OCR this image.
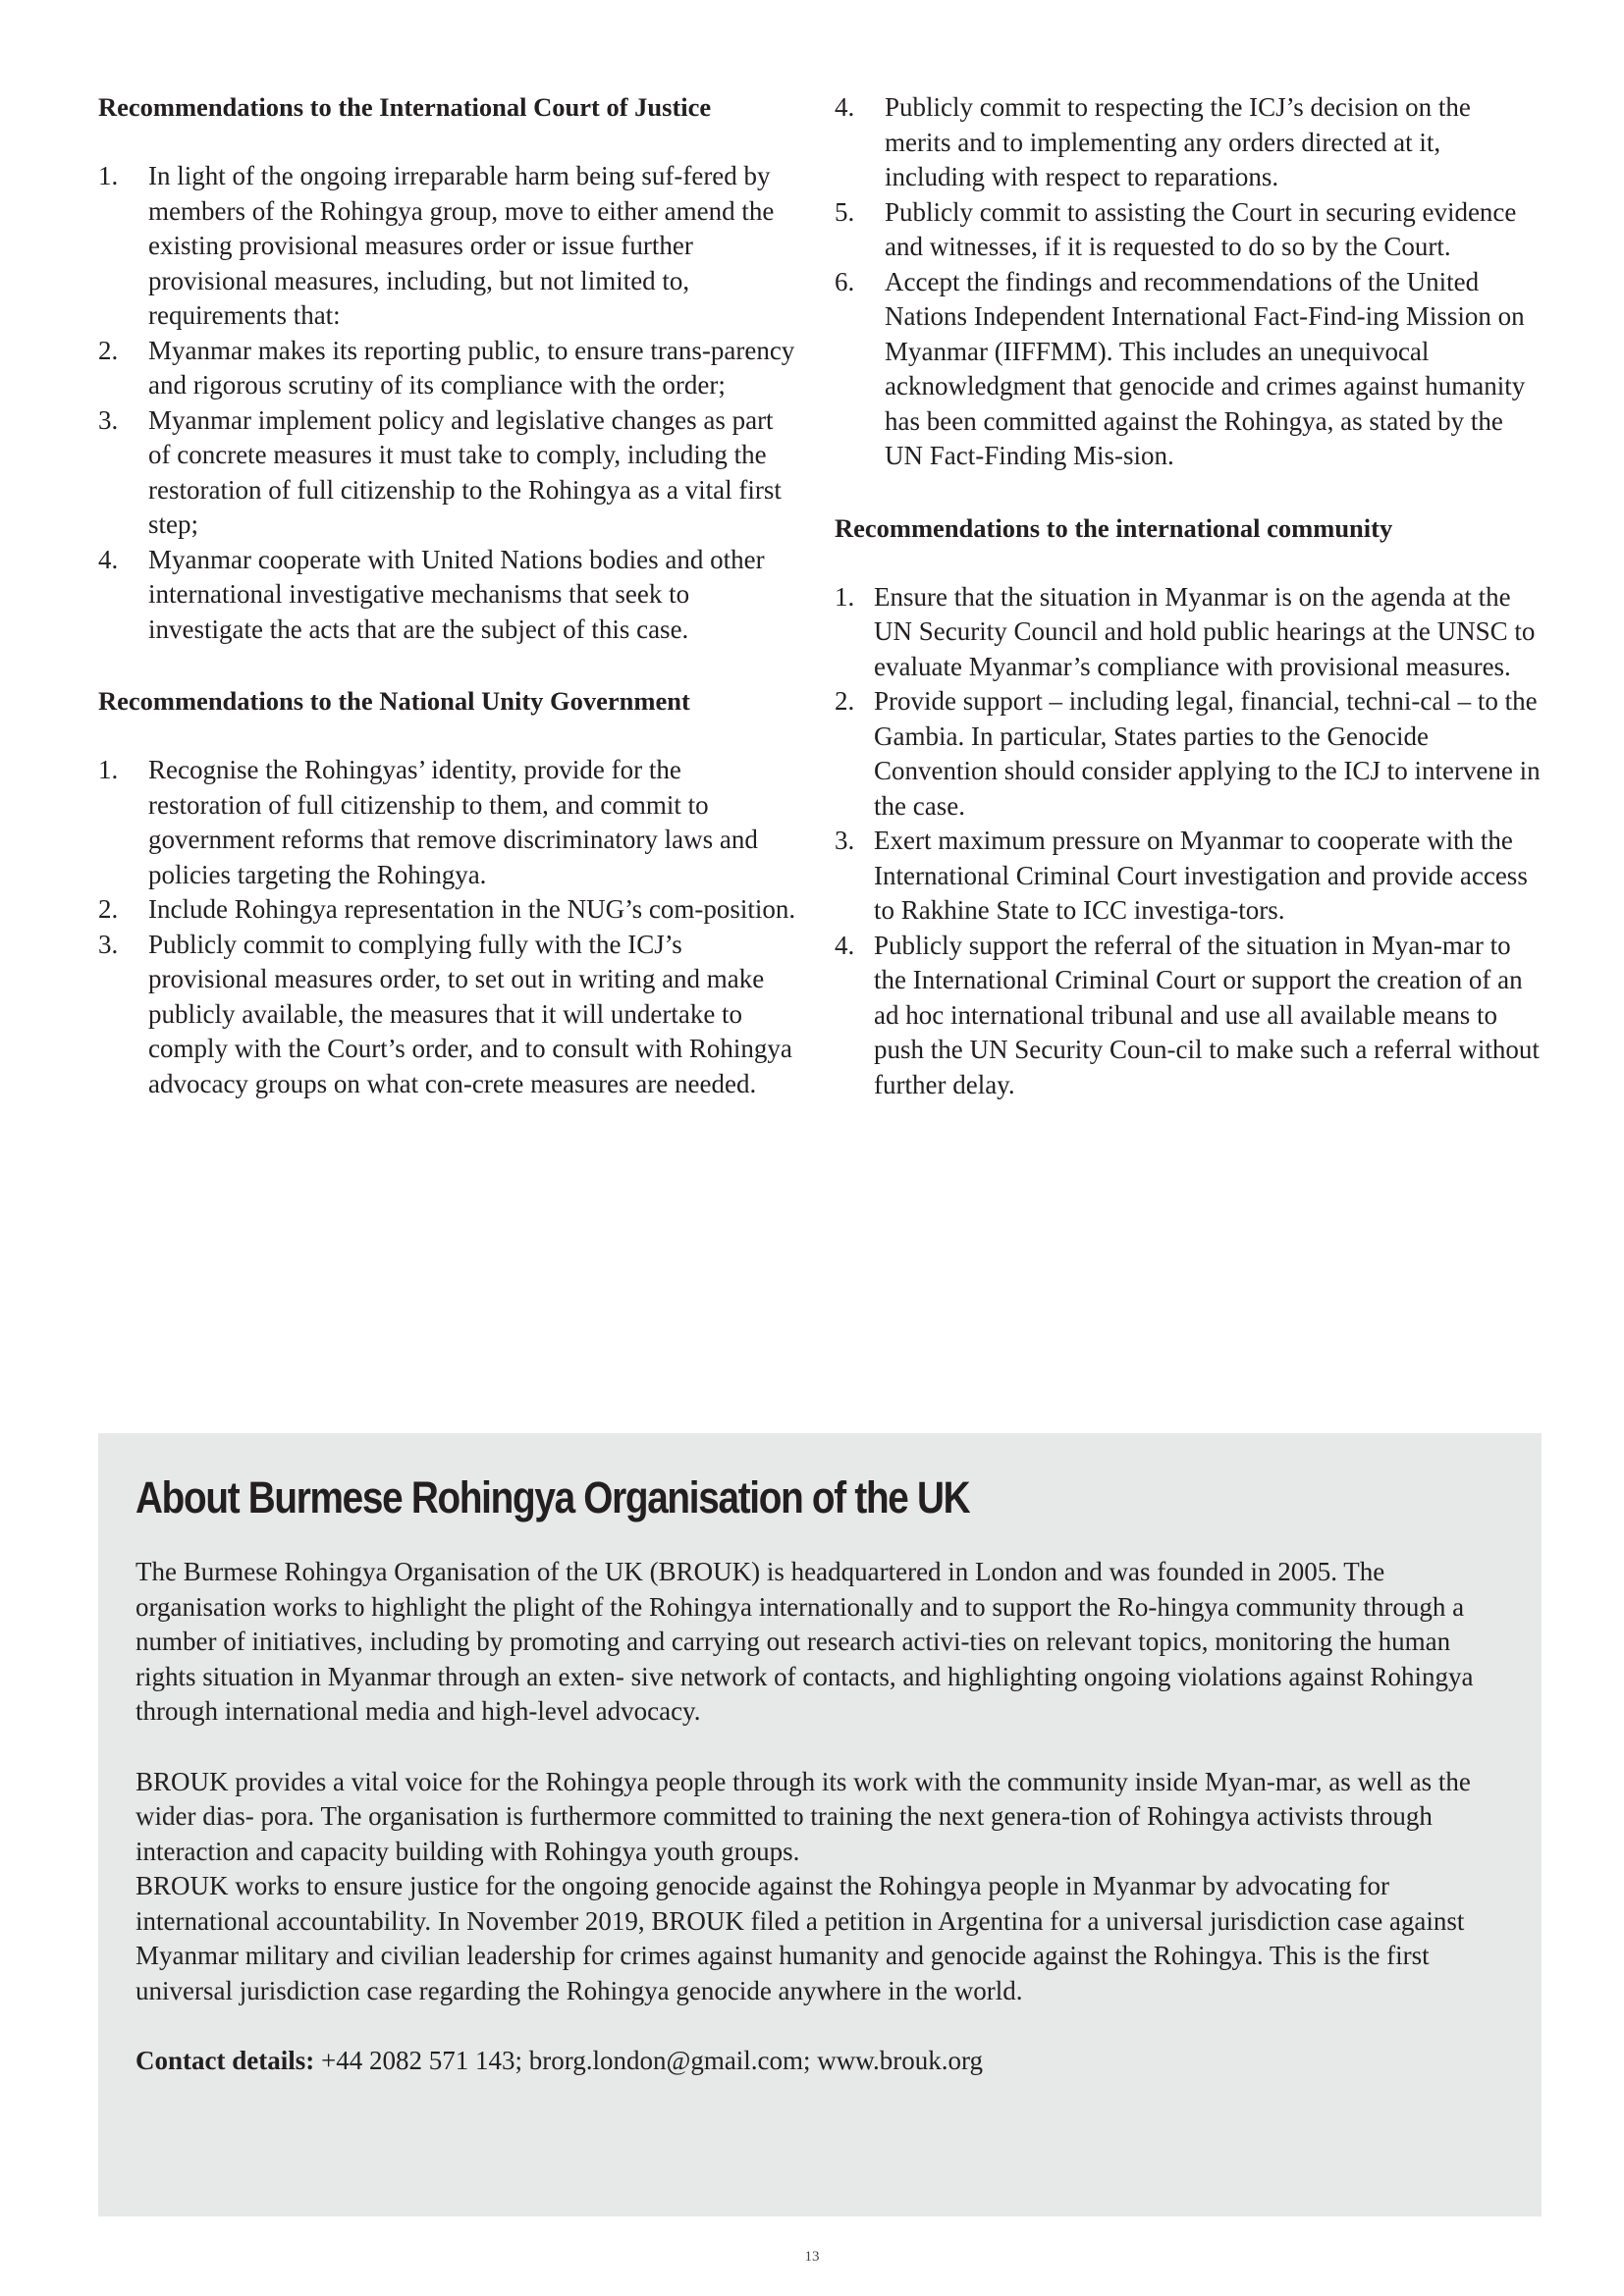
Recommendations to the International Court of Justice
1. In light of the ongoing irreparable harm being suf-fered by members of the Rohingya group, move to either amend the existing provisional measures order or issue further provisional measures, including, but not limited to, requirements that:
2. Myanmar makes its reporting public, to ensure trans-parency and rigorous scrutiny of its compliance with the order;
3. Myanmar implement policy and legislative changes as part of concrete measures it must take to comply, including the restoration of full citizenship to the Rohingya as a vital first step;
4. Myanmar cooperate with United Nations bodies and other international investigative mechanisms that seek to investigate the acts that are the subject of this case.
Recommendations to the National Unity Government
1. Recognise the Rohingyas’ identity, provide for the restoration of full citizenship to them, and commit to government reforms that remove discriminatory laws and policies targeting the Rohingya.
2. Include Rohingya representation in the NUG’s com-position.
3. Publicly commit to complying fully with the ICJ’s provisional measures order, to set out in writing and make publicly available, the measures that it will undertake to comply with the Court’s order, and to consult with Rohingya advocacy groups on what con-crete measures are needed.
4. Publicly commit to respecting the ICJ’s decision on the merits and to implementing any orders directed at it, including with respect to reparations.
5. Publicly commit to assisting the Court in securing evidence and witnesses, if it is requested to do so by the Court.
6. Accept the findings and recommendations of the United Nations Independent International Fact-Find-ing Mission on Myanmar (IIFFMM). This includes an unequivocal acknowledgment that genocide and crimes against humanity has been committed against the Rohingya, as stated by the UN Fact-Finding Mis-sion.
Recommendations to the international community
1. Ensure that the situation in Myanmar is on the agenda at the UN Security Council and hold public hearings at the UNSC to evaluate Myanmar’s compliance with provisional measures.
2. Provide support – including legal, financial, techni-cal – to the Gambia. In particular, States parties to the Genocide Convention should consider applying to the ICJ to intervene in the case.
3. Exert maximum pressure on Myanmar to cooperate with the International Criminal Court investigation and provide access to Rakhine State to ICC investiga-tors.
4. Publicly support the referral of the situation in Myan-mar to the International Criminal Court or support the creation of an ad hoc international tribunal and use all available means to push the UN Security Coun-cil to make such a referral without further delay.
About Burmese Rohingya Organisation of the UK

The Burmese Rohingya Organisation of the UK (BROUK) is headquartered in London and was founded in 2005. The organisation works to highlight the plight of the Rohingya internationally and to support the Ro-hingya community through a number of initiatives, including by promoting and carrying out research activi-ties on relevant topics, monitoring the human rights situation in Myanmar through an exten- sive network of contacts, and highlighting ongoing violations against Rohingya through international media and high-level advocacy.

BROUK provides a vital voice for the Rohingya people through its work with the community inside Myan-mar, as well as the wider dias- pora. The organisation is furthermore committed to training the next genera-tion of Rohingya activists through interaction and capacity building with Rohingya youth groups.

BROUK works to ensure justice for the ongoing genocide against the Rohingya people in Myanmar by advocating for international accountability. In November 2019, BROUK filed a petition in Argentina for a universal jurisdiction case against Myanmar military and civilian leadership for crimes against humanity and genocide against the Rohingya. This is the first universal jurisdiction case regarding the Rohingya genocide anywhere in the world.

Contact details: +44 2082 571 143; brorg.london@gmail.com; www.brouk.org

13
